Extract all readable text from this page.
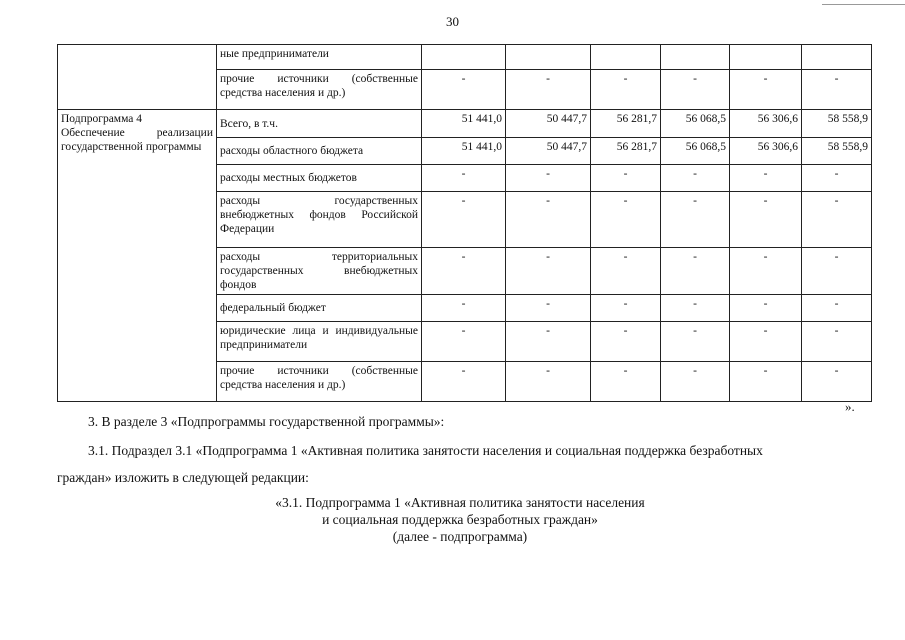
30
	ные предприниматели						
	прочие источники (собственные средства населения и др.)	-	-	-	-	-	-

Подпрограмма 4
Обеспечение реализации государственной программы	Всего, в т.ч.	51 441,0	50 447,7	56 281,7	56 068,5	56 306,6	58 558,9
	расходы областного бюджета	51 441,0	50 447,7	56 281,7	56 068,5	56 306,6	58 558,9
	расходы местных бюджетов	-	-	-	-	-	-
	расходы государственных внебюджетных фондов Российской Федерации	-	-	-	-	-	-
	расходы территориальных государственных внебюджетных фондов	-	-	-	-	-	-
	федеральный бюджет	-	-	-	-	-	-
	юридические лица и индивидуальные предприниматели	-	-	-	-	-	-
	прочие источники (собственные средства населения и др.)	-	-	-	-	-	-
».
3. В разделе 3 «Подпрограммы государственной программы»:
3.1. Подраздел 3.1 «Подпрограмма 1 «Активная политика занятости населения и социальная поддержка безработных
граждан» изложить в следующей редакции:
«3.1. Подпрограмма 1 «Активная политика занятости населения
и социальная поддержка безработных граждан»
(далее - подпрограмма)
